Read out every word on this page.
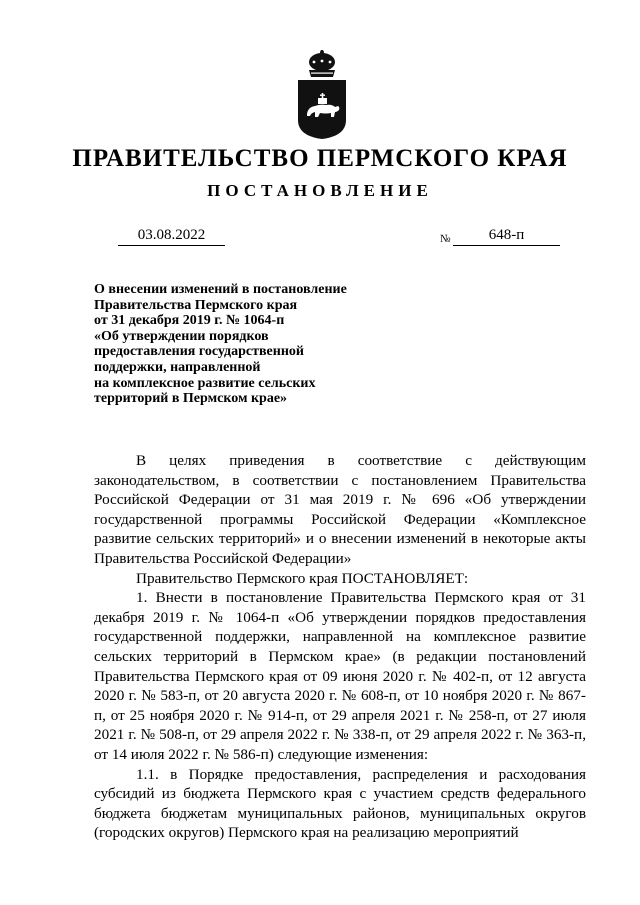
ПРАВИТЕЛЬСТВО ПЕРМСКОГО КРАЯ
ПОСТАНОВЛЕНИЕ
03.08.2022	№	648-п
О внесении изменений в постановление
Правительства Пермского края
от 31 декабря 2019 г. № 1064-п
«Об утверждении порядков
предоставления государственной
поддержки, направленной
на комплексное развитие сельских
территорий в Пермском крае»

В целях приведения в соответствие с действующим законодательством, в соответствии с постановлением Правительства Российской Федерации от 31 мая 2019 г. № 696 «Об утверждении государственной программы Российской Федерации «Комплексное развитие сельских территорий» и о внесении изменений в некоторые акты Правительства Российской Федерации»

Правительство Пермского края ПОСТАНОВЛЯЕТ:

1. Внести в постановление Правительства Пермского края от 31 декабря 2019 г. № 1064-п «Об утверждении порядков предоставления государственной поддержки, направленной на комплексное развитие сельских территорий в Пермском крае» (в редакции постановлений Правительства Пермского края от 09 июня 2020 г. № 402-п, от 12 августа 2020 г. № 583-п, от 20 августа 2020 г. № 608-п, от 10 ноября 2020 г. № 867-п, от 25 ноября 2020 г. № 914-п, от 29 апреля 2021 г. № 258-п, от 27 июля 2021 г. № 508-п, от 29 апреля 2022 г. № 338-п, от 29 апреля 2022 г. № 363-п, от 14 июля 2022 г. № 586-п) следующие изменения:

1.1. в Порядке предоставления, распределения и расходования субсидий из бюджета Пермского края с участием средств федерального бюджета бюджетам муниципальных районов, муниципальных округов (городских округов) Пермского края на реализацию мероприятий
